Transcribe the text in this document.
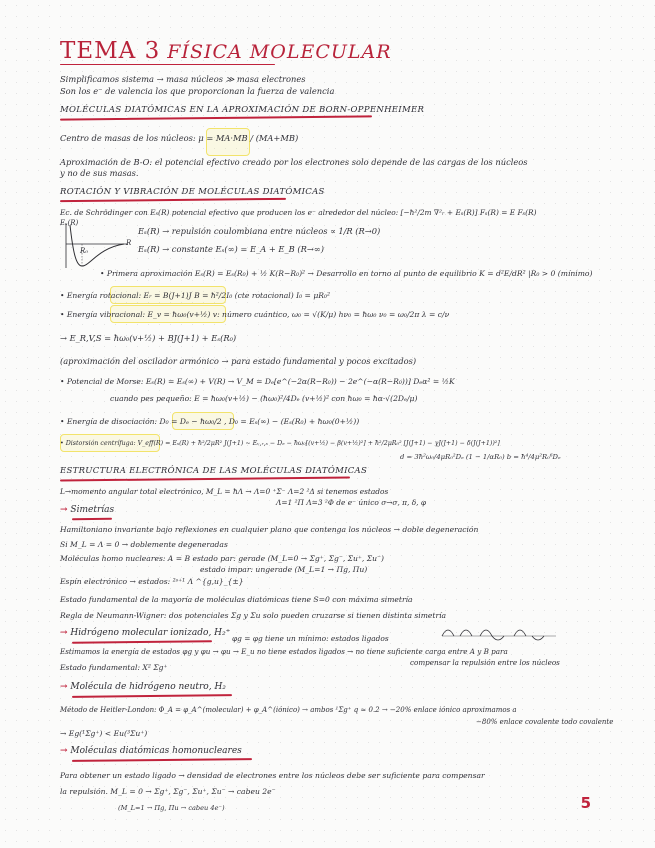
TEMA 3 FÍSICA MOLECULAR
Simplificamos sistema → masa núcleos ≫ masa electrones
Son los e⁻ de valencia los que proporcionan la fuerza de valencia
MOLÉCULAS DIATÓMICAS EN LA APROXIMACIÓN DE BORN-OPPENHEIMER
Centro de masas de los núcleos: μ = MA·MB / (MA+MB)
Aproximación de B-O: el potencial efectivo creado por los electrones solo depende de las cargas de los núcleos
y no de sus masas.
ROTACIÓN Y VIBRACIÓN DE MOLÉCULAS DIATÓMICAS
Ec. de Schrödinger con Eₛ(R) potencial efectivo que producen los e⁻ alrededor del núcleo: [−ħ²/2m ∇²ᵣ + Eₛ(R)] Fₛ(R) = E Fₛ(R)
Eₛ(R)
R
R₀
Eₛ(R) → repulsión coulombiana entre núcleos ∝ 1/R (R→0)
Eₛ(R) → constante Eₛ(∞) = E_A + E_B (R→∞)
• Primera aproximación Eₛ(R) = Eₛ(R₀) + ½ K(R−R₀)² → Desarrollo en torno al punto de equilibrio K = d²E/dR² |R₀ > 0 (mínimo)
• Energía rotacional: Eᵣ = B(J+1)J B = ħ²/2I₀ (cte rotacional) I₀ = μR₀²
• Energía vibracional: E_v = ħω₀(v+½) v: número cuántico, ω₀ = √(K/μ) hν₀ = ħω₀ ν₀ = ω₀/2π λ = c/ν
→ E_R,V,S = ħω₀(v+½) + BJ(J+1) + Eₛ(R₀)
(aproximación del oscilador armónico → para estado fundamental y pocos excitados)
• Potencial de Morse: Eₛ(R) = Eₛ(∞) + V(R) → V_M = Dₑ[e^(−2α(R−R₀)) − 2e^(−α(R−R₀))] Dₑα² = ½K
cuando pes pequeño: E = ħω₀(v+½) − (ħω₀)²/4Dₑ (v+½)² con ħω₀ = ħα·√(2Dₑ/μ)
• Energía de disociación: D₀ = Dₑ − ħω₀/2 , D₀ = Eₛ(∞) − (Eₛ(R₀) + ħω₀(0+½))
• Distorsión centrífuga: V_eff(R) = Eₛ(R) + ħ²/2μR² J(J+1) ~ Eᵥ,ᵣ,ₛ − Dₑ − ħω₀[(v+½) − β(v+½)²] + ħ²/2μR₀² [J(J+1) − γJ(J+1) − δ(J(J+1))²]
d = 3ħ²ω₀/4μR₀²Dₑ (1 − 1/αR₀) b = ħ⁴/4μ²R₀⁶Dₑ
ESTRUCTURA ELECTRÓNICA DE LAS MOLÉCULAS DIATÓMICAS
L→momento angular total electrónico, M_L = ħΛ → Λ=0 ⁺Σ⁻ Λ=2 ²Δ si tenemos estados
Λ=1 ²Π Λ=3 ²Φ de e⁻ único σ→σ, π, δ, φ
→ Simetrías
Hamiltoniano invariante bajo reflexiones en cualquier plano que contenga los núcleos → doble degeneración
Si M_L = Λ = 0 → doblemente degeneradas
Moléculas homo nucleares: A = B estado par: gerade (M_L=0 → Σg⁺, Σg⁻, Σu⁺, Σu⁻)
estado impar: ungerade (M_L=1 → Πg, Πu)
Espín electrónico → estados: ²ˢ⁺¹ Λ ^{g,u}_{±}
Estado fundamental de la mayoría de moléculas diatómicas tiene S=0 con máxima simetría
Regla de Neumann-Wigner: dos potenciales Σg y Σu solo pueden cruzarse si tienen distinta simetría
→ Hidrógeno molecular ionizado, H₂⁺
φg = φg tiene un mínimo: estados ligados
Estimamos la energía de estados φg y φu → φu → E_u no tiene estados ligados → no tiene suficiente carga entre A y B para
compensar la repulsión entre los núcleos
Estado fundamental: X² Σg⁺
→ Molécula de hidrógeno neutro, H₂
Método de Heitler-London: Φ_A = φ_A^(molecular) + φ_A^(iónico) → ambos ¹Σg⁺ q ≈ 0.2 → −20% enlace iónico aproximamos a
−80% enlace covalente todo covalente
→ Eg(¹Σg⁺) < Eu(³Σu⁺)
→ Moléculas diatómicas homonucleares
Para obtener un estado ligado → densidad de electrones entre los núcleos debe ser suficiente para compensar
la repulsión. M_L = 0 → Σg⁺, Σg⁻, Σu⁺, Σu⁻ → cabeu 2e⁻
(M_L=1 → Πg, Πu → cabeu 4e⁻)	5
